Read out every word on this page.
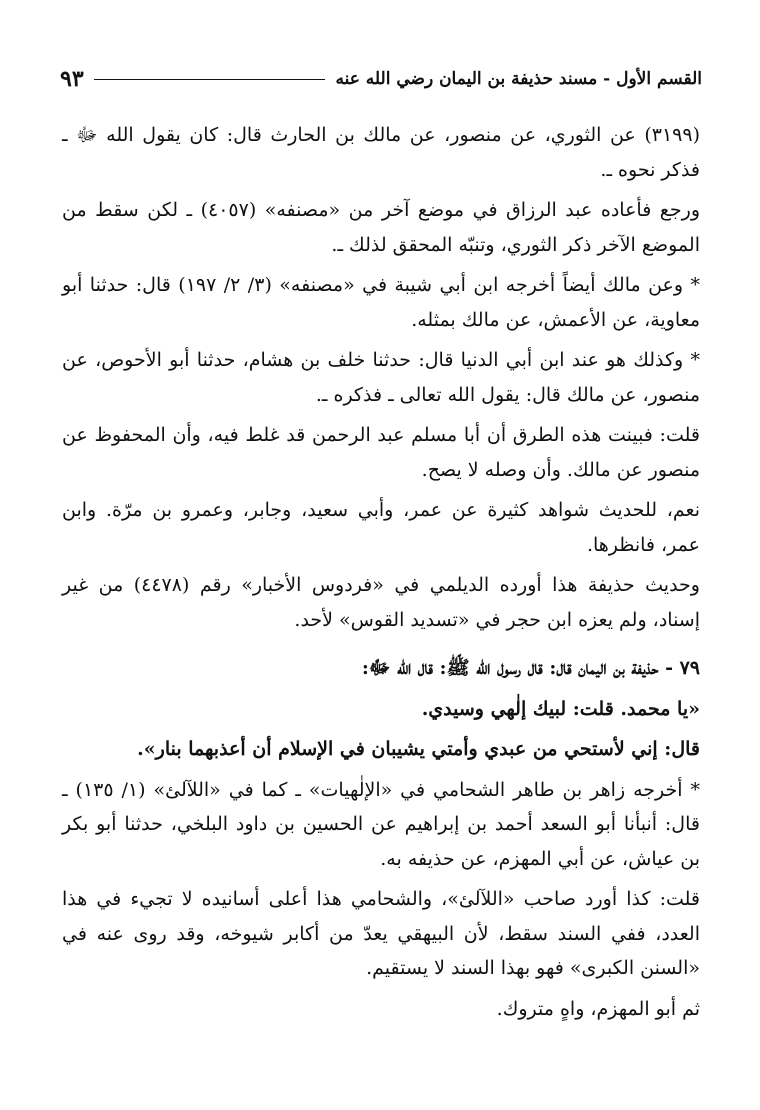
القسم الأول - مسند حذيفة بن اليمان رضي الله عنه
٩٣

(٣١٩٩) عن الثوري، عن منصور، عن مالك بن الحارث قال: كان يقول الله ﷻ ـ فذكر نحوه ـ.

ورجع فأعاده عبد الرزاق في موضع آخر من «مصنفه» (٤٠٥٧) ـ لكن سقط من الموضع الآخر ذكر الثوري، وتنبّه المحقق لذلك ـ.

* وعن مالك أيضاً أخرجه ابن أبي شيبة في «مصنفه» (٣/ ٢/ ١٩٧) قال: حدثنا أبو معاوية، عن الأعمش، عن مالك بمثله.

* وكذلك هو عند ابن أبي الدنيا قال: حدثنا خلف بن هشام، حدثنا أبو الأحوص، عن منصور، عن مالك قال: يقول الله تعالى ـ فذكره ـ.

قلت: فبينت هذه الطرق أن أبا مسلم عبد الرحمن قد غلط فيه، وأن المحفوظ عن منصور عن مالك. وأن وصله لا يصح.

نعم، للحديث شواهد كثيرة عن عمر، وأبي سعيد، وجابر، وعمرو بن مرّة. وابن عمر، فانظرها.

وحديث حذيفة هذا أورده الديلمي في «فردوس الأخبار» رقم (٤٤٧٨) من غير إسناد، ولم يعزه ابن حجر في «تسديد القوس» لأحد.

٧٩ - حذيفة بن اليمان قال: قال رسول الله ﷺ: قال الله ﷻ:

«يا محمد. قلت: لبيك إلٰهي وسيدي.

قال: إني لأستحي من عبدي وأمتي يشيبان في الإسلام أن أعذبهما بنار».

* أخرجه زاهر بن طاهر الشحامي في «الإلٰهيات» ـ كما في «اللآلئ» (١/ ١٣٥) ـ قال: أنبأنا أبو السعد أحمد بن إبراهيم عن الحسين بن داود البلخي، حدثنا أبو بكر بن عياش، عن أبي المهزم، عن حذيفه به.

قلت: كذا أورد صاحب «اللآلئ»، والشحامي هذا أعلى أسانيده لا تجيء في هذا العدد، ففي السند سقط، لأن البيهقي يعدّ من أكابر شيوخه، وقد روى عنه في «السنن الكبرى» فهو بهذا السند لا يستقيم.

ثم أبو المهزم، واهٍ متروك.
